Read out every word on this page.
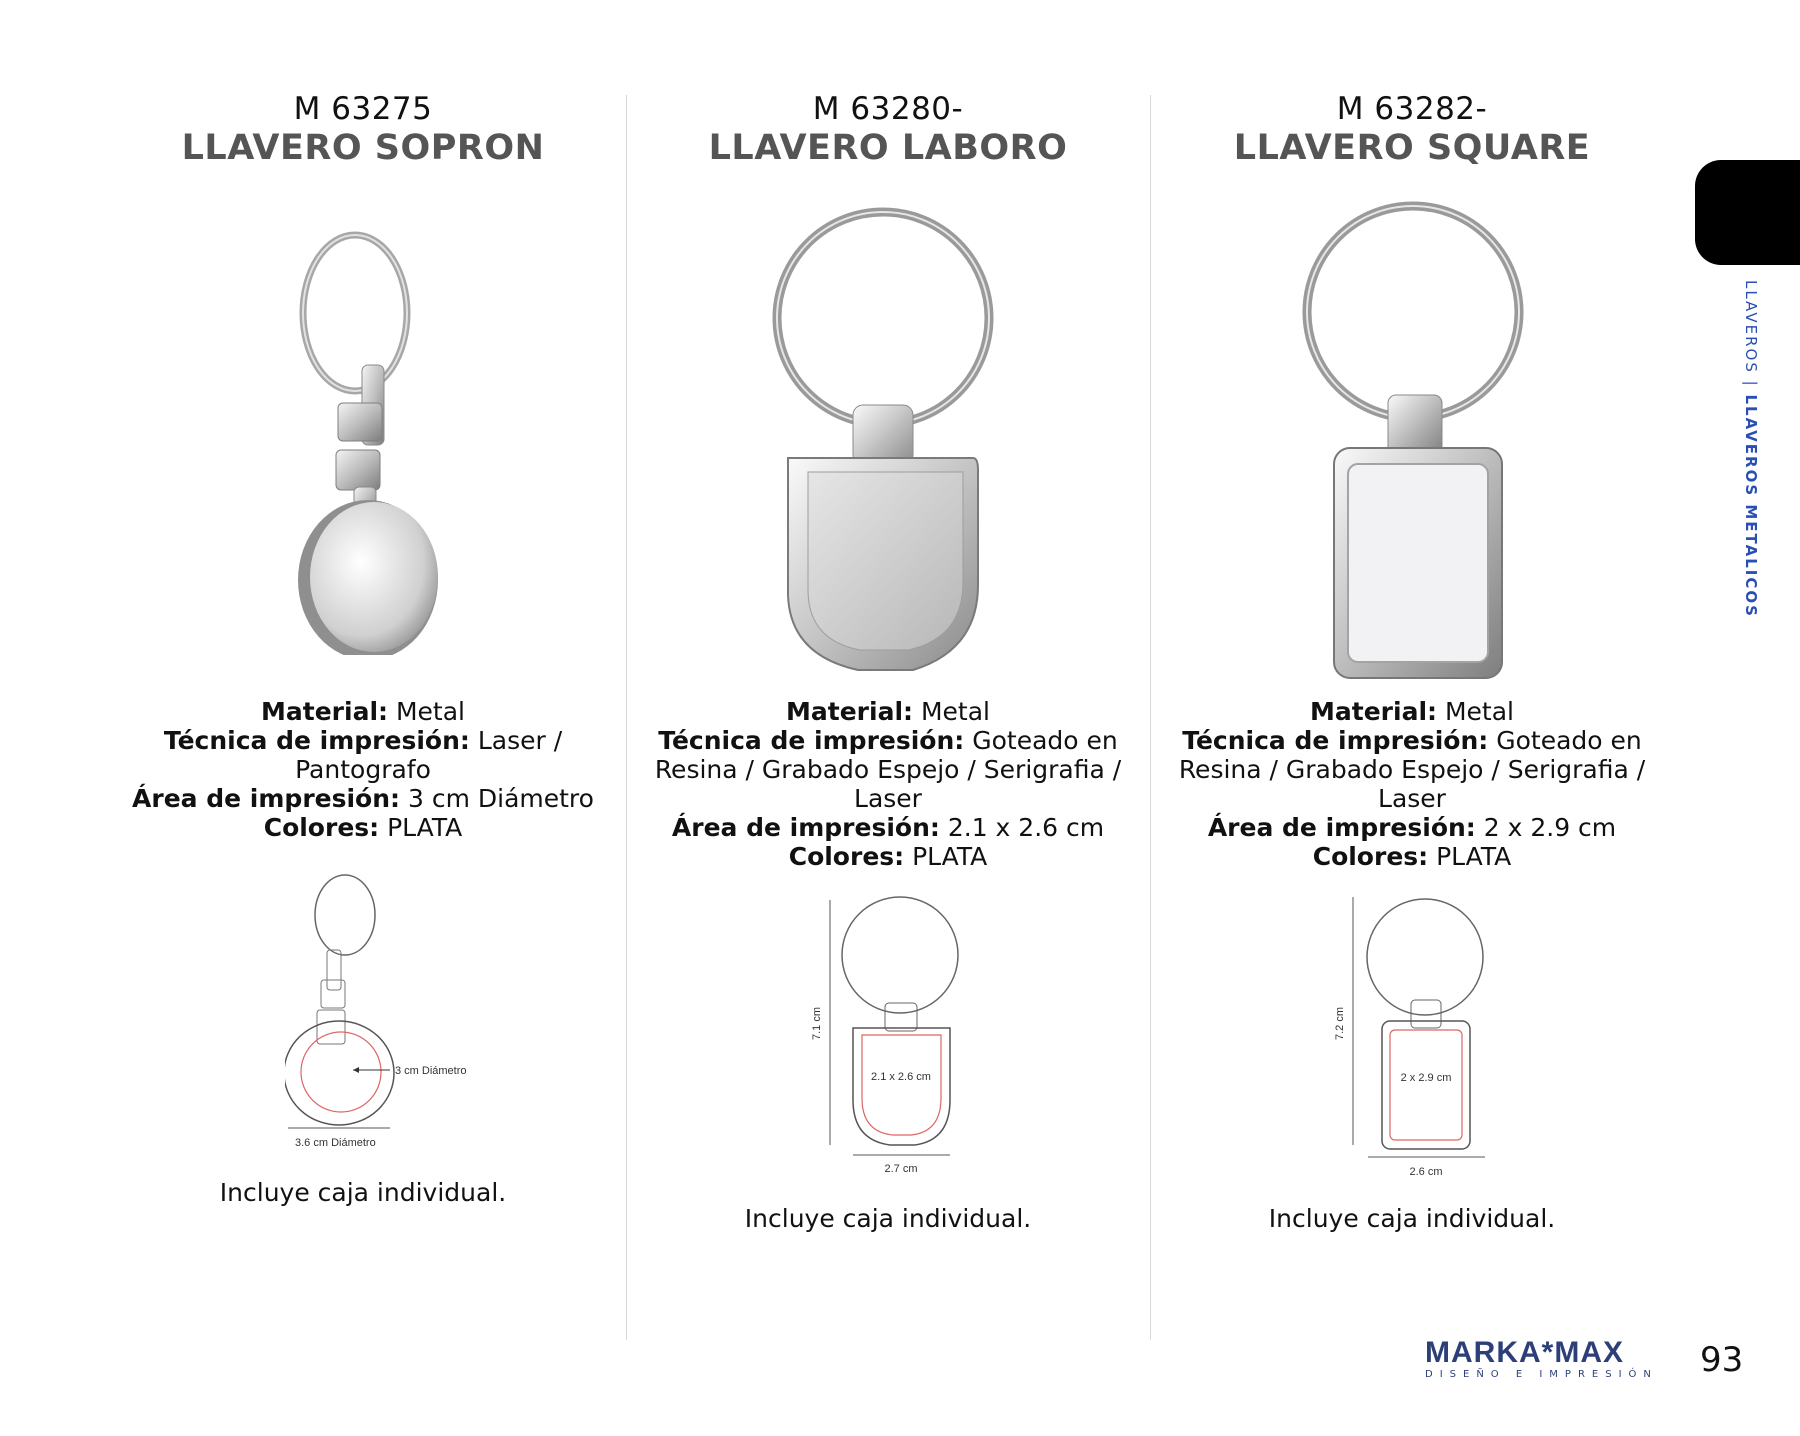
M 63275
LLAVERO SOPRON
M 63280-
LLAVERO LABORO
M 63282-
LLAVERO SQUARE
Material: Metal
Técnica de impresión: Laser / Pantografo
Área de impresión: 3 cm Diámetro
Colores: PLATA
Material: Metal
Técnica de impresión: Goteado en Resina / Grabado Espejo / Serigrafia / Laser
Área de impresión: 2.1 x 2.6 cm
Colores: PLATA
Material: Metal
Técnica de impresión: Goteado en Resina / Grabado Espejo / Serigrafia / Laser
Área de impresión: 2 x 2.9 cm
Colores: PLATA
3 cm Diámetro
3.6 cm Diámetro
7.1 cm
2.1 x 2.6 cm
2.7 cm
7.2 cm
2 x 2.9 cm
2.6 cm
Incluye caja individual.
Incluye caja individual.	Incluye caja individual.
LLAVEROS | LLAVEROS METALICOS
MARKA*MAX
DISEÑO E IMPRESIÓN	93
